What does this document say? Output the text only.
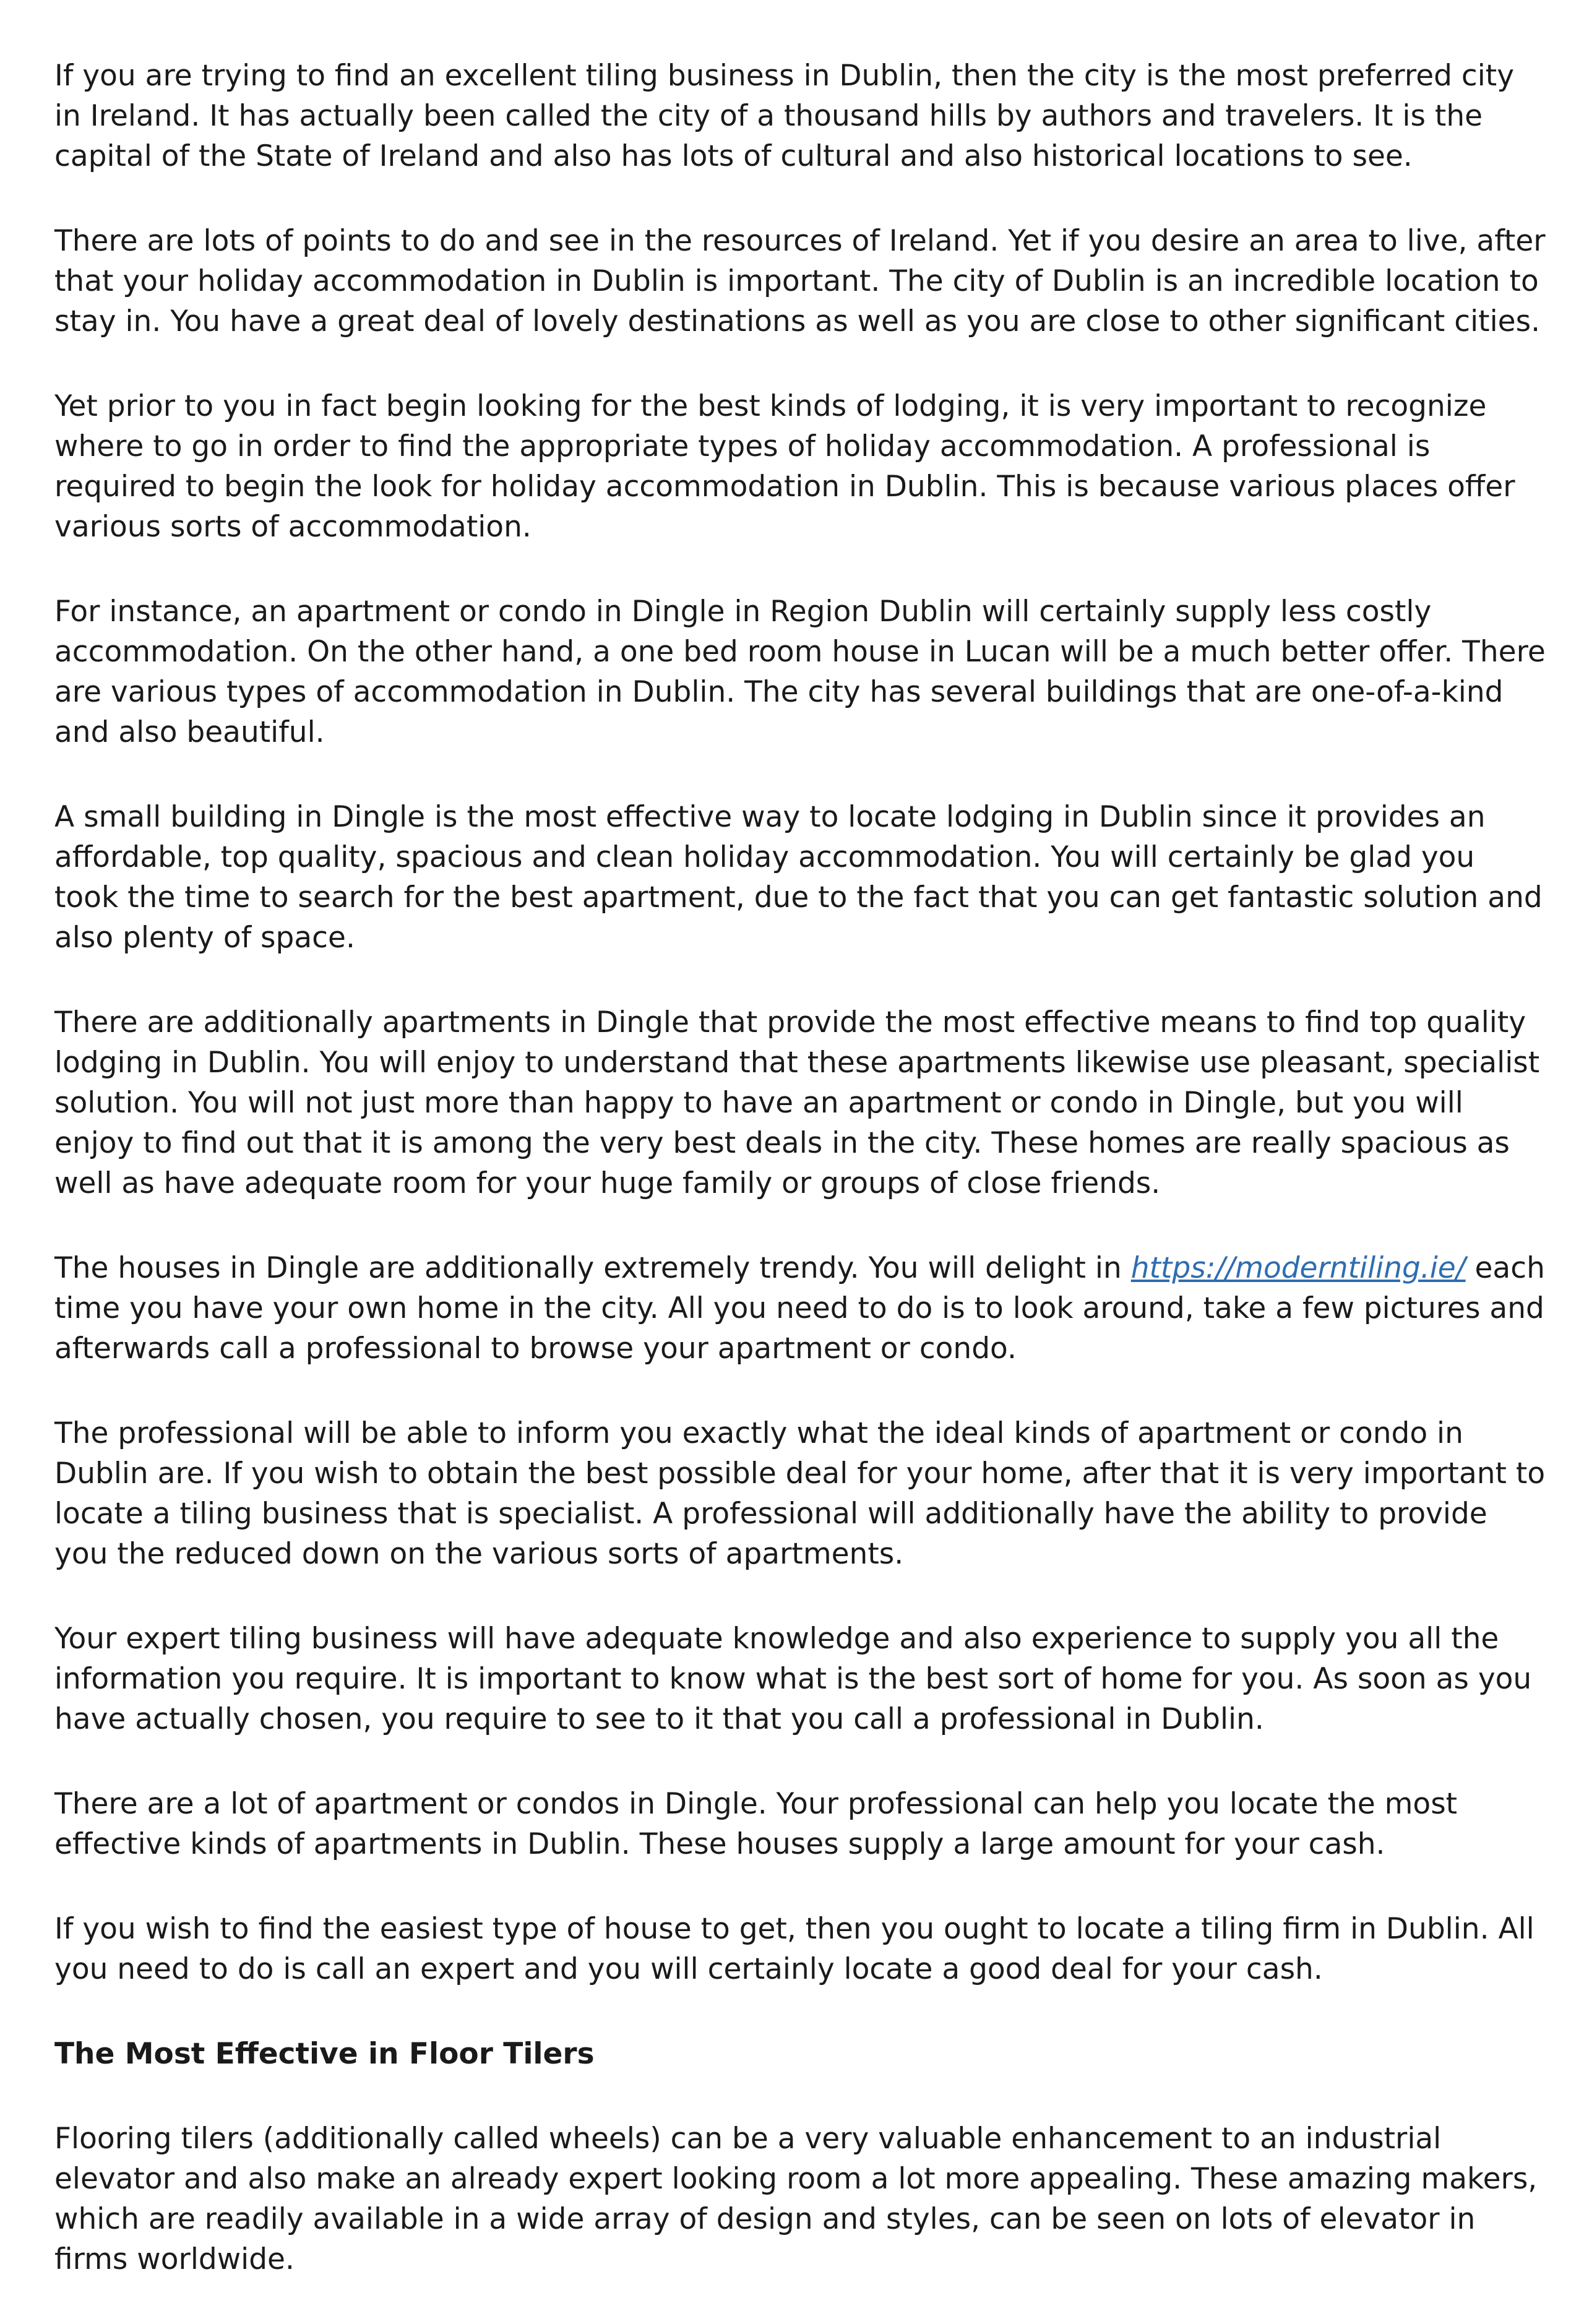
If you are trying to find an excellent tiling business in Dublin, then the city is the most preferred city in Ireland. It has actually been called the city of a thousand hills by authors and travelers. It is the capital of the State of Ireland and also has lots of cultural and also historical locations to see.

There are lots of points to do and see in the resources of Ireland. Yet if you desire an area to live, after that your holiday accommodation in Dublin is important. The city of Dublin is an incredible location to stay in. You have a great deal of lovely destinations as well as you are close to other significant cities.

Yet prior to you in fact begin looking for the best kinds of lodging, it is very important to recognize where to go in order to find the appropriate types of holiday accommodation. A professional is required to begin the look for holiday accommodation in Dublin. This is because various places offer various sorts of accommodation.

For instance, an apartment or condo in Dingle in Region Dublin will certainly supply less costly accommodation. On the other hand, a one bed room house in Lucan will be a much better offer. There are various types of accommodation in Dublin. The city has several buildings that are one-of-a-kind and also beautiful.

A small building in Dingle is the most effective way to locate lodging in Dublin since it provides an affordable, top quality, spacious and clean holiday accommodation. You will certainly be glad you took the time to search for the best apartment, due to the fact that you can get fantastic solution and also plenty of space.

There are additionally apartments in Dingle that provide the most effective means to find top quality lodging in Dublin. You will enjoy to understand that these apartments likewise use pleasant, specialist solution. You will not just more than happy to have an apartment or condo in Dingle, but you will enjoy to find out that it is among the very best deals in the city. These homes are really spacious as well as have adequate room for your huge family or groups of close friends.

The houses in Dingle are additionally extremely trendy. You will delight in https://moderntiling.ie/ each time you have your own home in the city. All you need to do is to look around, take a few pictures and afterwards call a professional to browse your apartment or condo.

The professional will be able to inform you exactly what the ideal kinds of apartment or condo in Dublin are. If you wish to obtain the best possible deal for your home, after that it is very important to locate a tiling business that is specialist. A professional will additionally have the ability to provide you the reduced down on the various sorts of apartments.

Your expert tiling business will have adequate knowledge and also experience to supply you all the information you require. It is important to know what is the best sort of home for you. As soon as you have actually chosen, you require to see to it that you call a professional in Dublin.

There are a lot of apartment or condos in Dingle. Your professional can help you locate the most effective kinds of apartments in Dublin. These houses supply a large amount for your cash.

If you wish to find the easiest type of house to get, then you ought to locate a tiling firm in Dublin. All you need to do is call an expert and you will certainly locate a good deal for your cash.

The Most Effective in Floor Tilers

Flooring tilers (additionally called wheels) can be a very valuable enhancement to an industrial elevator and also make an already expert looking room a lot more appealing. These amazing makers, which are readily available in a wide array of design and styles, can be seen on lots of elevator in firms worldwide.
